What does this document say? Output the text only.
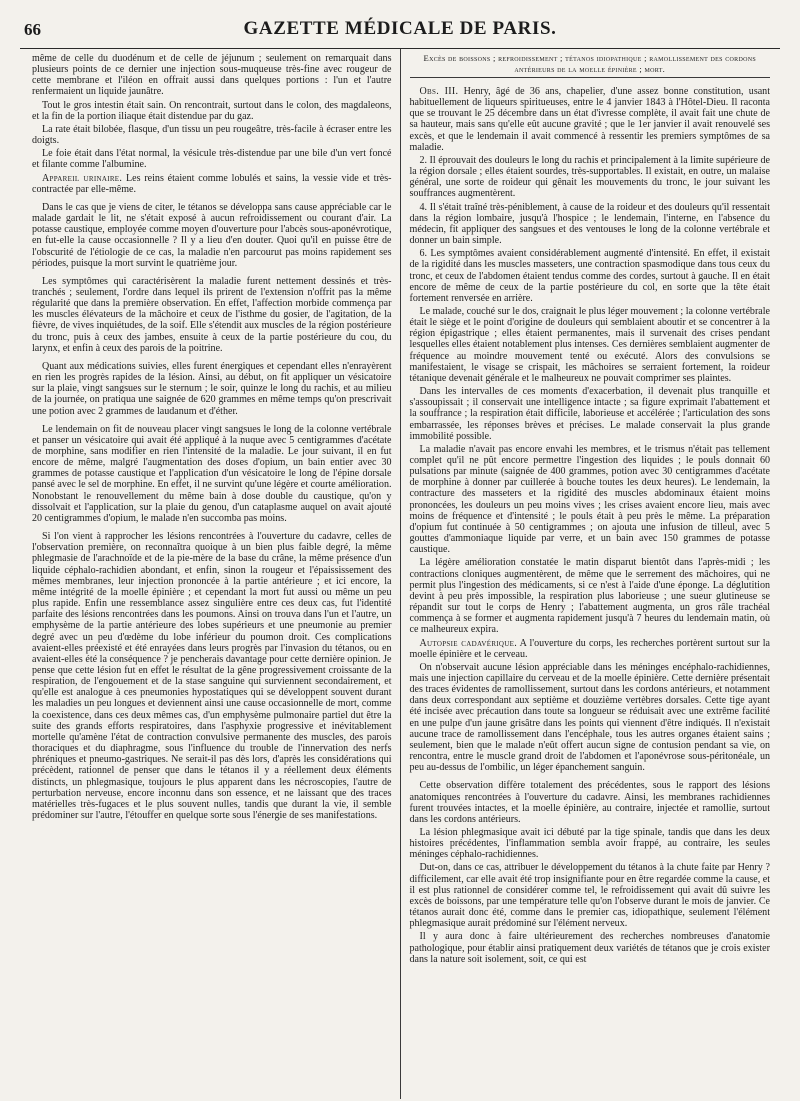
66	GAZETTE MÉDICALE DE PARIS.

même de celle du duodénum et de celle de jéjunum ; seulement on remarquait dans plusieurs points de ce dernier une injection sous-muqueuse très-fine avec rougeur de cette membrane et l'iléon en offrait aussi dans quelques portions : l'un et l'autre renfermaient un liquide jaunâtre.

Tout le gros intestin était sain. On rencontrait, surtout dans le colon, des magdaleons, et la fin de la portion iliaque était distendue par du gaz.

La rate était bilobée, flasque, d'un tissu un peu rougeâtre, très-facile à écraser entre les doigts.

Le foie était dans l'état normal, la vésicule très-distendue par une bile d'un vert foncé et filante comme l'albumine.

Appareil urinaire. Les reins étaient comme lobulés et sains, la vessie vide et très-contractée par elle-même.

Dans le cas que je viens de citer, le tétanos se développa sans cause appréciable car le malade gardait le lit, ne s'était exposé à aucun refroidissement ou courant d'air. La potasse caustique, employée comme moyen d'ouverture pour l'abcès sous-aponévrotique, en fut-elle la cause occasionnelle ? Il y a lieu d'en douter. Quoi qu'il en puisse être de l'obscurité de l'étiologie de ce cas, la maladie n'en parcourut pas moins rapidement ses périodes, puisque la mort survint le quatrième jour.

Les symptômes qui caractérisèrent la maladie furent nettement dessinés et très-tranchés ; seulement, l'ordre dans lequel ils prirent de l'extension n'offrit pas la même régularité que dans la première observation. En effet, l'affection morbide commença par les muscles élévateurs de la mâchoire et ceux de l'isthme du gosier, de l'agitation, de la fièvre, de vives inquiétudes, de la soif. Elle s'étendit aux muscles de la région postérieure du tronc, puis à ceux des jambes, ensuite à ceux de la partie postérieure du cou, du larynx, et enfin à ceux des parois de la poitrine.

Quant aux médications suivies, elles furent énergiques et cependant elles n'enrayèrent en rien les progrès rapides de la lésion. Ainsi, au début, on fit appliquer un vésicatoire sur la plaie, vingt sangsues sur le sternum ; le soir, quinze le long du rachis, et au milieu de la journée, on pratiqua une saignée de 620 grammes en même temps qu'on prescrivait une potion avec 2 grammes de laudanum et d'éther.

Le lendemain on fit de nouveau placer vingt sangsues le long de la colonne vertébrale et panser un vésicatoire qui avait été appliqué à la nuque avec 5 centigrammes d'acétate de morphine, sans modifier en rien l'intensité de la maladie. Le jour suivant, il en fut encore de même, malgré l'augmentation des doses d'opium, un bain entier avec 30 grammes de potasse caustique et l'application d'un vésicatoire le long de l'épine dorsale pansé avec le sel de morphine. En effet, il ne survint qu'une légère et courte amélioration. Nonobstant le renouvellement du même bain à dose double du caustique, qu'on y dissolvait et l'application, sur la plaie du genou, d'un cataplasme auquel on avait ajouté 20 centigrammes d'opium, le malade n'en succomba pas moins.

Si l'on vient à rapprocher les lésions rencontrées à l'ouverture du cadavre, celles de l'observation première, on reconnaîtra quoique à un bien plus faible degré, la même phlegmasie de l'arachnoïde et de la pie-mère de la base du crâne, la même présence d'un liquide céphalo-rachidien abondant, et enfin, sinon la rougeur et l'épaississement des mêmes membranes, leur injection prononcée à la partie antérieure ; et ici encore, la même intégrité de la moelle épinière ; et cependant la mort fut aussi ou même un peu plus rapide. Enfin une ressemblance assez singulière entre ces deux cas, fut l'identité parfaite des lésions rencontrées dans les poumons. Ainsi on trouva dans l'un et l'autre, un emphysème de la partie antérieure des lobes supérieurs et une pneumonie au premier degré avec un peu d'œdème du lobe inférieur du poumon droit. Ces complications avaient-elles préexisté et été enrayées dans leurs progrès par l'invasion du tétanos, ou en avaient-elles été la conséquence ? je pencherais davantage pour cette dernière opinion. Je pense que cette lésion fut en effet le résultat de la gêne progressivement croissante de la respiration, de l'engouement et de la stase sanguine qui surviennent secondairement, et qu'elle est analogue à ces pneumonies hypostatiques qui se développent souvent durant les maladies un peu longues et deviennent ainsi une cause occasionnelle de mort, comme la coexistence, dans ces deux mêmes cas, d'un emphysème pulmonaire partiel dut être la suite des grands efforts respiratoires, dans l'asphyxie progressive et inévitablement mortelle qu'amène l'état de contraction convulsive permanente des muscles, des parois thoraciques et du diaphragme, sous l'influence du trouble de l'innervation des nerfs phréniques et pneumo-gastriques. Ne serait-il pas dès lors, d'après les considérations qui précèdent, rationnel de penser que dans le tétanos il y a réellement deux éléments distincts, un phlegmasique, toujours le plus apparent dans les nécroscopies, l'autre de perturbation nerveuse, encore inconnu dans son essence, et ne laissant que des traces matérielles très-fugaces et le plus souvent nulles, tandis que durant la vie, il semble prédominer sur l'autre, l'étouffer en quelque sorte sous l'énergie de ses manifestations.

Excès de boissons ; refroidissement ; tétanos idiopathique ; ramollissement des cordons antérieurs de la moelle épinière ; mort.

Obs. III. Henry, âgé de 36 ans, chapelier, d'une assez bonne constitution, usant habituellement de liqueurs spiritueuses, entre le 4 janvier 1843 à l'Hôtel-Dieu. Il raconta que se trouvant le 25 décembre dans un état d'ivresse complète, il avait fait une chute de sa hauteur, mais sans qu'elle eût aucune gravité ; que le 1er janvier il avait renouvelé ses excès, et que le lendemain il avait commencé à ressentir les premiers symptômes de sa maladie.

2. Il éprouvait des douleurs le long du rachis et principalement à la limite supérieure de la région dorsale ; elles étaient sourdes, très-supportables. Il existait, en outre, un malaise général, une sorte de roideur qui gênait les mouvements du tronc, le jour suivant les souffrances augmentèrent.

4. Il s'était traîné très-péniblement, à cause de la roideur et des douleurs qu'il ressentait dans la région lombaire, jusqu'à l'hospice ; le lendemain, l'interne, en l'absence du médecin, fit appliquer des sangsues et des ventouses le long de la colonne vertébrale et donner un bain simple.

6. Les symptômes avaient considérablement augmenté d'intensité. En effet, il existait de la rigidité dans les muscles masseters, une contraction spasmodique dans tous ceux du tronc, et ceux de l'abdomen étaient tendus comme des cordes, surtout à gauche. Il en était encore de même de ceux de la partie postérieure du col, en sorte que la tête était fortement renversée en arrière.

Le malade, couché sur le dos, craignait le plus léger mouvement ; la colonne vertébrale était le siège et le point d'origine de douleurs qui semblaient aboutir et se concentrer à la région épigastrique ; elles étaient permanentes, mais il survenait des crises pendant lesquelles elles étaient notablement plus intenses. Ces dernières semblaient augmenter de fréquence au moindre mouvement tenté ou exécuté. Alors des convulsions se manifestaient, le visage se crispait, les mâchoires se serraient fortement, la roideur tétanique devenait générale et le malheureux ne pouvait comprimer ses plaintes.

Dans les intervalles de ces moments d'exacerbation, il devenait plus tranquille et s'assoupissait ; il conservait une intelligence intacte ; sa figure exprimait l'abattement et la souffrance ; la respiration était difficile, laborieuse et accélérée ; l'articulation des sons embarrassée, les réponses brèves et précises. Le malade conservait la plus grande immobilité possible.

La maladie n'avait pas encore envahi les membres, et le trismus n'était pas tellement complet qu'il ne pût encore permettre l'ingestion des liquides ; le pouls donnait 60 pulsations par minute (saignée de 400 grammes, potion avec 30 centigrammes d'acétate de morphine à donner par cuillerée à bouche toutes les deux heures). Le lendemain, la contracture des masseters et la rigidité des muscles abdominaux étaient moins prononcées, les douleurs un peu moins vives ; les crises avaient encore lieu, mais avec moins de fréquence et d'intensité ; le pouls était à peu près le même. La préparation d'opium fut continuée à 50 centigrammes ; on ajouta une infusion de tilleul, avec 5 gouttes d'ammoniaque liquide par verre, et un bain avec 150 grammes de potasse caustique.

La légère amélioration constatée le matin disparut bientôt dans l'après-midi ; les contractions cloniques augmentèrent, de même que le serrement des mâchoires, qui ne permit plus l'ingestion des médicaments, si ce n'est à l'aide d'une éponge. La déglutition devint à peu près impossible, la respiration plus laborieuse ; une sueur glutineuse se répandit sur tout le corps de Henry ; l'abattement augmenta, un gros râle trachéal commença à se former et augmenta rapidement jusqu'à 7 heures du lendemain matin, où ce malheureux expira.

Autopsie cadavérique. A l'ouverture du corps, les recherches portèrent surtout sur la moelle épinière et le cerveau.

On n'observait aucune lésion appréciable dans les méninges encéphalo-rachidiennes, mais une injection capillaire du cerveau et de la moelle épinière. Cette dernière présentait des traces évidentes de ramollissement, surtout dans les cordons antérieurs, et notamment dans deux correspondant aux septième et douzième vertèbres dorsales. Cette tige ayant été incisée avec précaution dans toute sa longueur se réduisait avec une extrême facilité en une pulpe d'un jaune grisâtre dans les points qui viennent d'être indiqués. Il n'existait aucune trace de ramollissement dans l'encéphale, tous les autres organes étaient sains ; seulement, bien que le malade n'eût offert aucun signe de contusion pendant sa vie, on rencontra, entre le muscle grand droit de l'abdomen et l'aponévrose sous-péritonéale, un peu au-dessus de l'ombilic, un léger épanchement sanguin.

Cette observation diffère totalement des précédentes, sous le rapport des lésions anatomiques rencontrées à l'ouverture du cadavre. Ainsi, les membranes rachidiennes furent trouvées intactes, et la moelle épinière, au contraire, injectée et ramollie, surtout dans les cordons antérieurs.

La lésion phlegmasique avait ici débuté par la tige spinale, tandis que dans les deux histoires précédentes, l'inflammation sembla avoir frappé, au contraire, les seules méninges céphalo-rachidiennes.

Dut-on, dans ce cas, attribuer le développement du tétanos à la chute faite par Henry ? difficilement, car elle avait été trop insignifiante pour en être regardée comme la cause, et il est plus rationnel de considérer comme tel, le refroidissement qui avait dû suivre les excès de boissons, par une température telle qu'on l'observe durant le mois de janvier. Ce tétanos aurait donc été, comme dans le premier cas, idiopathique, seulement l'élément phlegmasique aurait prédominé sur l'élément nerveux.

Il y aura donc à faire ultérieurement des recherches nombreuses d'anatomie pathologique, pour établir ainsi pratiquement deux variétés de tétanos que je crois exister dans la nature soit isolement, soit, ce qui est
